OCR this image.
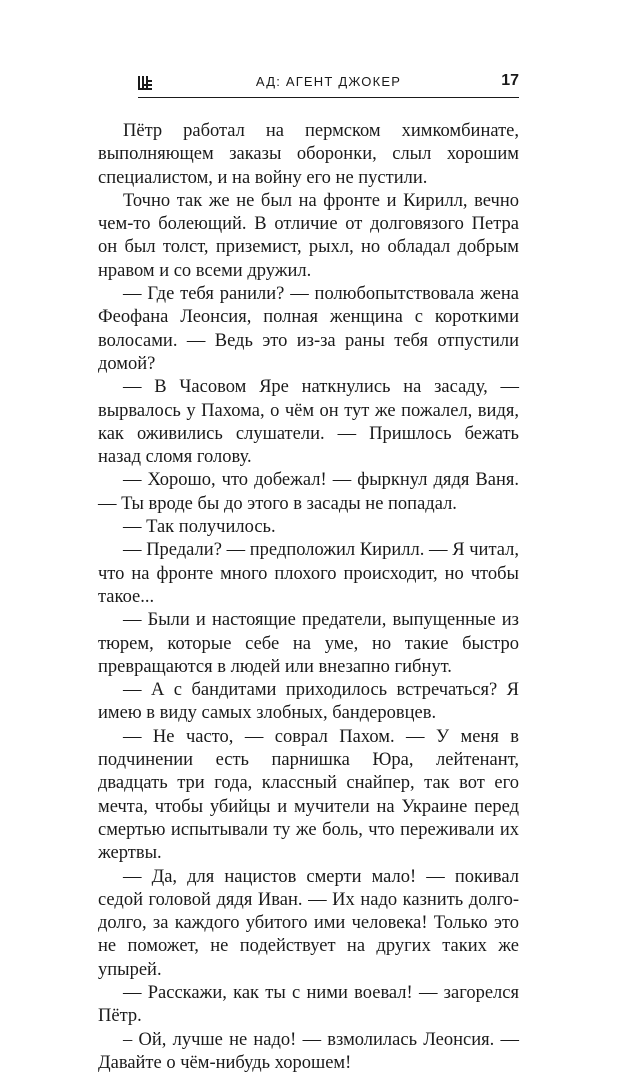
АД: АГЕНТ ДЖОКЕР	17

Пётр работал на пермском химкомбинате, выполняющем заказы оборонки, слыл хорошим специалистом, и на войну его не пустили.

Точно так же не был на фронте и Кирилл, вечно чем-то болеющий. В отличие от долговязого Петра он был толст, приземист, рыхл, но обладал добрым нравом и со всеми дружил.

— Где тебя ранили? — полюбопытствовала жена Феофана Леонсия, полная женщина с короткими волосами. — Ведь это из-за раны тебя отпустили домой?

— В Часовом Яре наткнулись на засаду, — вырвалось у Пахома, о чём он тут же пожалел, видя, как оживились слушатели. — Пришлось бежать назад сломя голову.

— Хорошо, что добежал! — фыркнул дядя Ваня. — Ты вроде бы до этого в засады не попадал.

— Так получилось.

— Предали? — предположил Кирилл. — Я читал, что на фронте много плохого происходит, но чтобы такое...

— Были и настоящие предатели, выпущенные из тюрем, которые себе на уме, но такие быстро превращаются в людей или внезапно гибнут.

— А с бандитами приходилось встречаться? Я имею в виду самых злобных, бандеровцев.

— Не часто, — соврал Пахом. — У меня в подчинении есть парнишка Юра, лейтенант, двадцать три года, классный снайпер, так вот его мечта, чтобы убийцы и мучители на Украине перед смертью испытывали ту же боль, что переживали их жертвы.

— Да, для нацистов смерти мало! — покивал седой головой дядя Иван. — Их надо казнить долго-долго, за каждого убитого ими человека! Только это не поможет, не подействует на других таких же упырей.

— Расскажи, как ты с ними воевал! — загорелся Пётр.

– Ой, лучше не надо! — взмолилась Леонсия. — Давайте о чём-нибудь хорошем!
